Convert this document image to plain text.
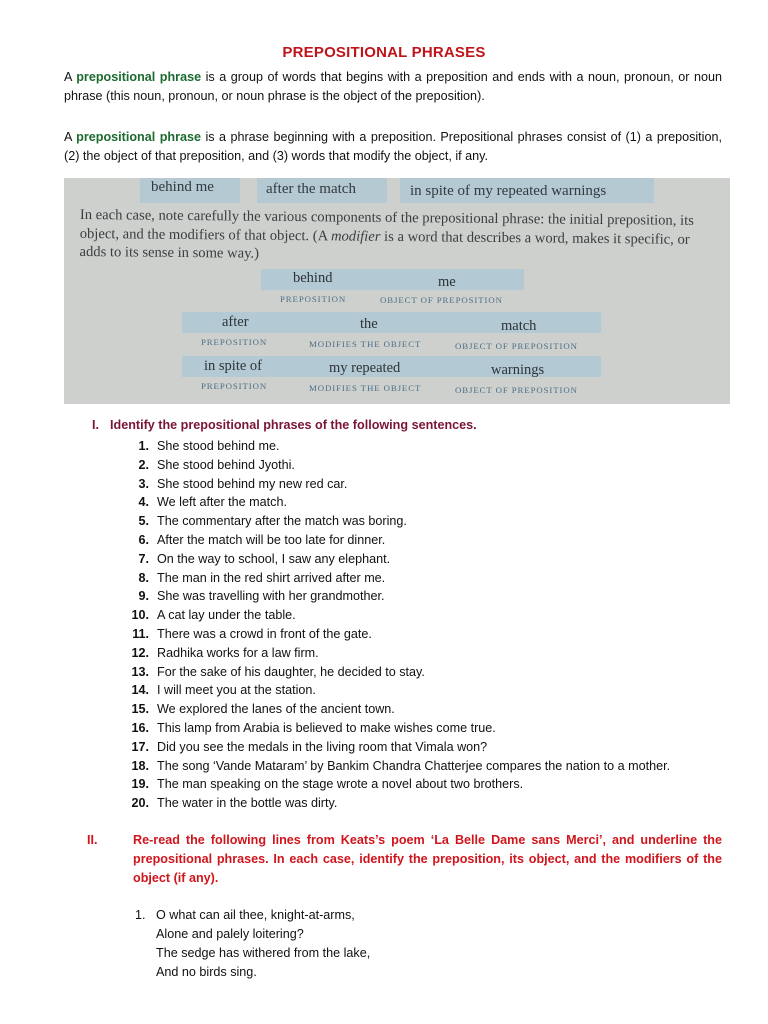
PREPOSITIONAL PHRASES

A prepositional phrase is a group of words that begins with a preposition and ends with a noun, pronoun, or noun phrase (this noun, pronoun, or noun phrase is the object of the preposition).

A prepositional phrase is a phrase beginning with a preposition. Prepositional phrases consist of (1) a preposition, (2) the object of that preposition, and (3) words that modify the object, if any.

behind me	after the match	in spite of my repeated warnings
In each case, note carefully the various components of the prepositional phrase: the initial preposition, its object, and the modifiers of that object. (A modifier is a word that describes a word, makes it specific, or adds to its sense in some way.)
behind	me
PREPOSITION	OBJECT OF PREPOSITION
after	the	match
PREPOSITION	MODIFIES THE OBJECT	OBJECT OF PREPOSITION
in spite of	my repeated	warnings
PREPOSITION	MODIFIES THE OBJECT	OBJECT OF PREPOSITION
I. Identify the prepositional phrases of the following sentences.
1. She stood behind me.
2. She stood behind Jyothi.
3. She stood behind my new red car.
4. We left after the match.
5. The commentary after the match was boring.
6. After the match will be too late for dinner.
7. On the way to school, I saw any elephant.
8. The man in the red shirt arrived after me.
9. She was travelling with her grandmother.
10. A cat lay under the table.
11. There was a crowd in front of the gate.
12. Radhika works for a law firm.
13. For the sake of his daughter, he decided to stay.
14. I will meet you at the station.
15. We explored the lanes of the ancient town.
16. This lamp from Arabia is believed to make wishes come true.
17. Did you see the medals in the living room that Vimala won?
18. The song ‘Vande Mataram’ by Bankim Chandra Chatterjee compares the nation to a mother.
19. The man speaking on the stage wrote a novel about two brothers.
20. The water in the bottle was dirty.
II.	Re-read the following lines from Keats’s poem ‘La Belle Dame sans Merci’, and underline the prepositional phrases. In each case, identify the preposition, its object, and the modifiers of the object (if any).
1. O what can ail thee, knight-at-arms,
Alone and palely loitering?
The sedge has withered from the lake,
And no birds sing.
